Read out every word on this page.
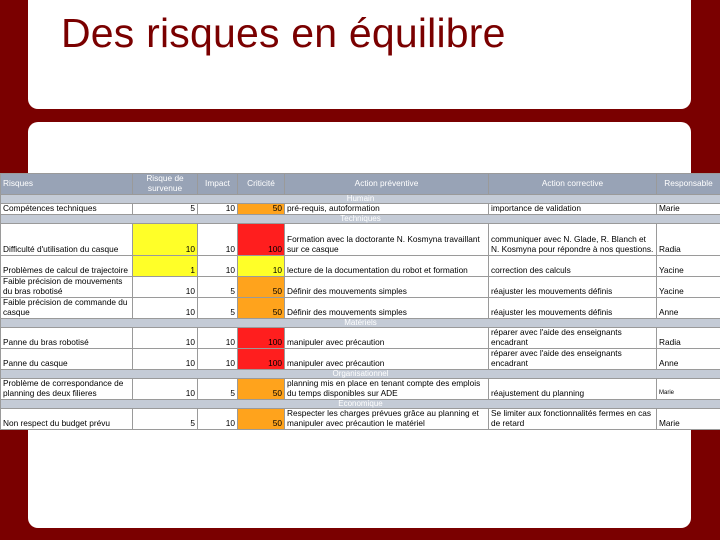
Des risques en équilibre
Risques	Risque de survenue	Impact	Criticité	Action préventive	Action corrective	Responsable
Humain						
Compétences techniques	5	10	50	pré-requis, autoformation	importance de validation	Marie
Techniques						
Difficulté d'utilisation du casque	10	10	100	Formation avec la doctorante N. Kosmyna travaillant sur ce casque	communiquer avec N. Glade, R. Blanch et N. Kosmyna pour répondre à nos questions.	Radia
Problèmes de calcul de trajectoire	1	10	10	lecture de la documentation du robot et formation	correction des calculs	Yacine
Faible précision de mouvements du bras robotisé	10	5	50	Définir des mouvements simples	réajuster les mouvements définis	Yacine
Faible précision de commande du casque	10	5	50	Définir des mouvements simples	réajuster les mouvements définis	Anne
Matériels						
Panne du bras robotisé	10	10	100	manipuler avec précaution	réparer avec l'aide des enseignants encadrant	Radia
Panne du casque	10	10	100	manipuler avec précaution	réparer avec l'aide des enseignants encadrant	Anne
Organisationnel						
Problème de correspondance de planning des deux filieres	10	5	50	planning mis en place en tenant compte des emplois du temps disponibles sur ADE	réajustement du planning	Marie
Economique						
Non respect du budget prévu	5	10	50	Respecter les charges prévues grâce au planning et manipuler avec précaution le matériel	Se limiter aux fonctionnalités fermes en cas de retard	Marie
